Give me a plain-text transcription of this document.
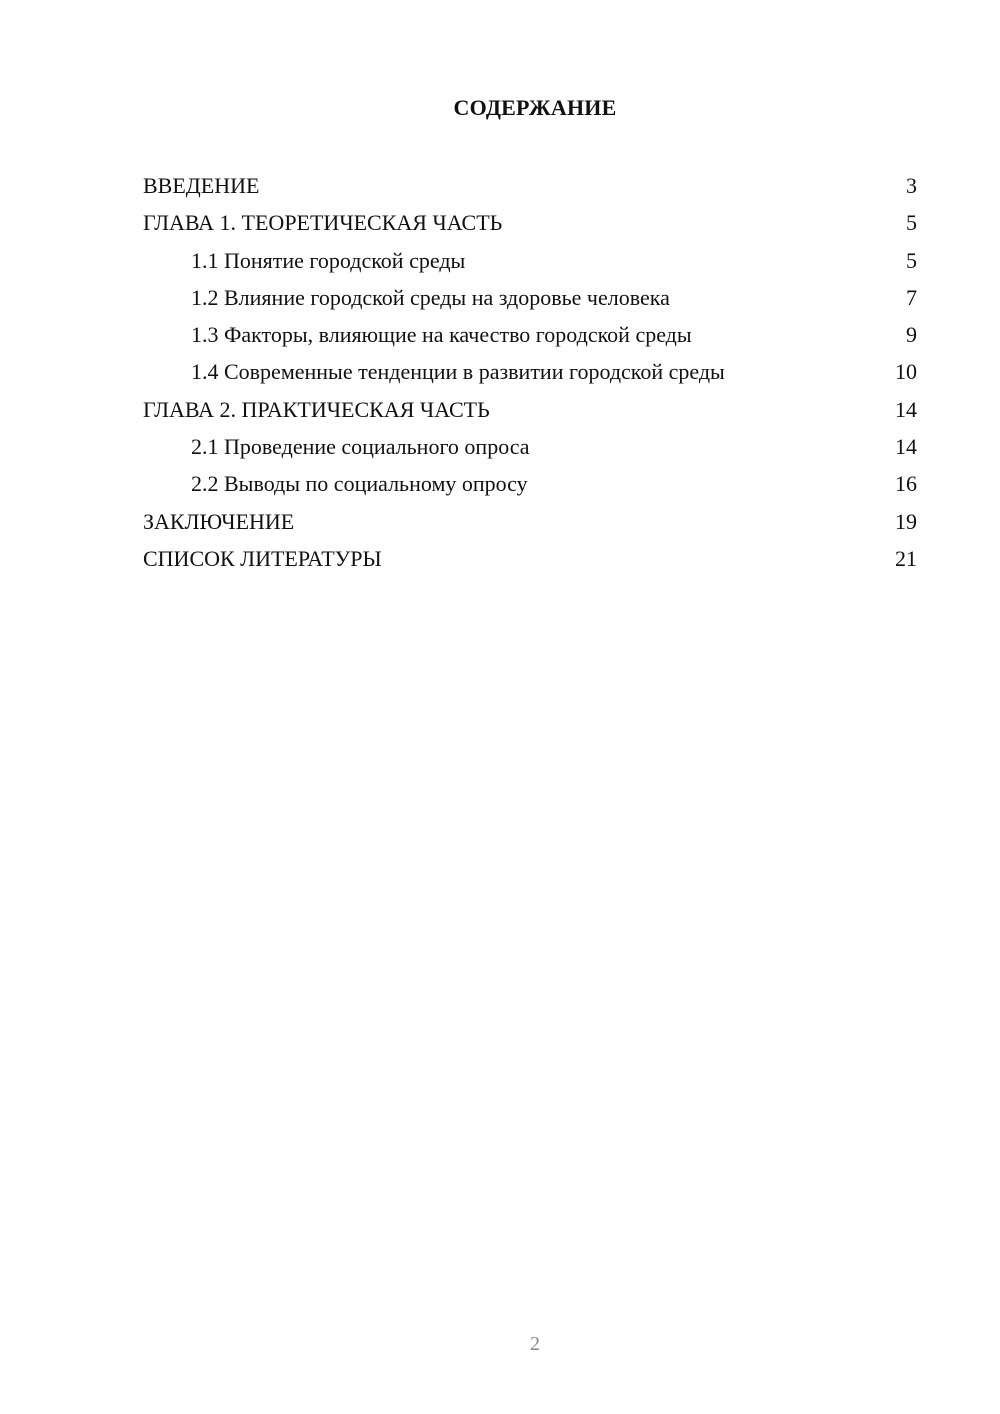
СОДЕРЖАНИЕ
ВВЕДЕНИЕ	3
ГЛАВА 1. ТЕОРЕТИЧЕСКАЯ ЧАСТЬ	5
1.1 Понятие городской среды	5
1.2 Влияние городской среды на здоровье человека	7
1.3 Факторы, влияющие на качество городской среды	9
1.4 Современные тенденции в развитии городской среды	10
ГЛАВА 2. ПРАКТИЧЕСКАЯ ЧАСТЬ	14
2.1 Проведение социального опроса	14
2.2 Выводы по социальному опросу	16
ЗАКЛЮЧЕНИЕ	19
СПИСОК ЛИТЕРАТУРЫ	21
2
